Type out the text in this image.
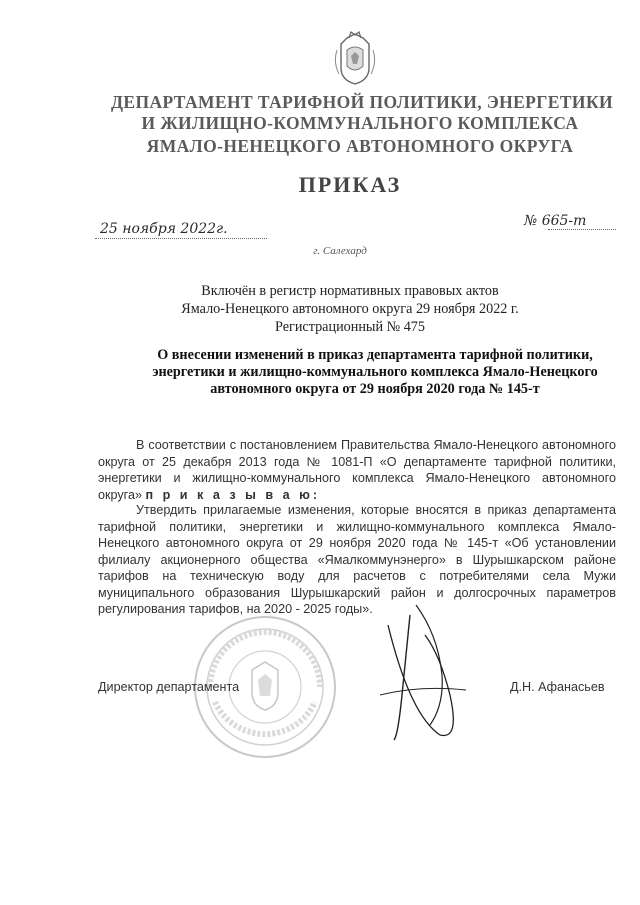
ДЕПАРТАМЕНТ ТАРИФНОЙ ПОЛИТИКИ, ЭНЕРГЕТИКИ
И ЖИЛИЩНО-КОММУНАЛЬНОГО КОМПЛЕКСА
ЯМАЛО-НЕНЕЦКОГО АВТОНОМНОГО ОКРУГА
ПРИКАЗ
25 ноября 2022г.	№ 665-т
г. Салехард
Включён в регистр нормативных правовых актов
Ямало-Ненецкого автономного округа 29 ноября 2022 г.
Регистрационный № 475
О внесении изменений в приказ департамента тарифной политики,
энергетики и жилищно-коммунального комплекса Ямало-Ненецкого
автономного округа от 29 ноября 2020 года № 145-т
В соответствии с постановлением Правительства Ямало-Ненецкого автономного округа от 25 декабря 2013 года № 1081-П «О департаменте тарифной политики, энергетики и жилищно-коммунального комплекса Ямало-Ненецкого автономного округа» п р и к а з ы в а ю:
Утвердить прилагаемые изменения, которые вносятся в приказ департамента тарифной политики, энергетики и жилищно-коммунального комплекса Ямало-Ненецкого автономного округа от 29 ноября 2020 года № 145-т «Об установлении филиалу акционерного общества «Ямалкоммунэнерго» в Шурышкарском районе тарифов на техническую воду для расчетов с потребителями села Мужи муниципального образования Шурышкарский район и долгосрочных параметров регулирования тарифов, на 2020 - 2025 годы».
Директор департамента	Д.Н. Афанасьев
